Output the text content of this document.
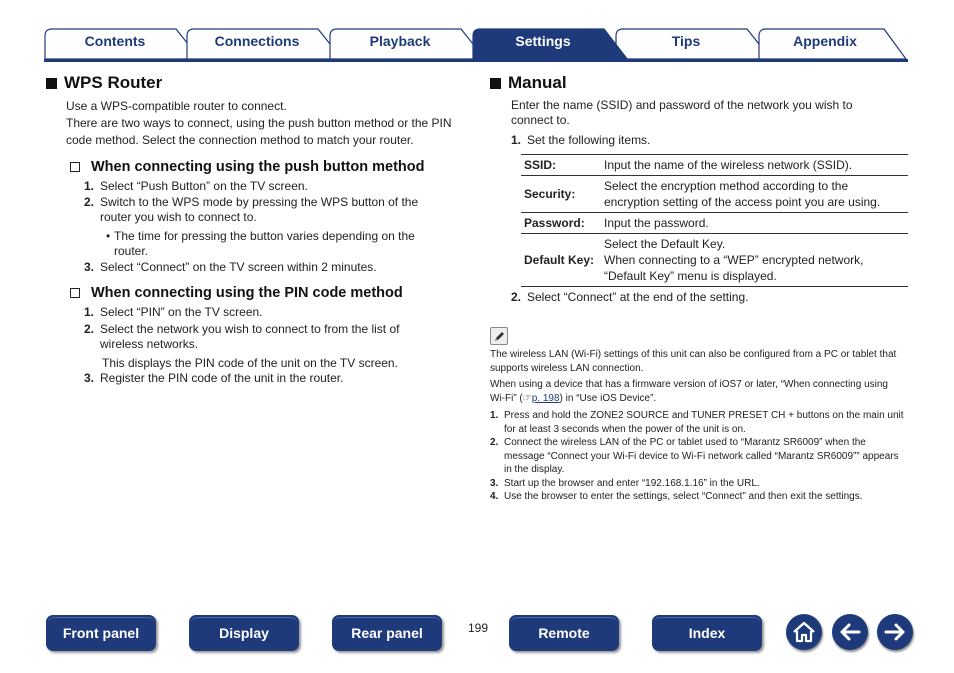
Contents	Connections	Playback	Tips	Appendix
Settings
WPS Router

Use a WPS-compatible router to connect.

There are two ways to connect, using the push button method or the PIN code method. Select the connection method to match your router.

When connecting using the push button method
1. Select “Push Button” on the TV screen.
2. Switch to the WPS mode by pressing the WPS button of the router you wish to connect to.
• The time for pressing the button varies depending on the router.
3. Select “Connect” on the TV screen within 2 minutes.
When connecting using the PIN code method
1. Select “PIN” on the TV screen.
2. Select the network you wish to connect to from the list of wireless networks.
This displays the PIN code of the unit on the TV screen.
3. Register the PIN code of the unit in the router.
Manual

Enter the name (SSID) and password of the network you wish to connect to.

1. Set the following items.
SSID:	Input the name of the wireless network (SSID).
Security:	Select the encryption method according to the encryption setting of the access point you are using.
Password:	Input the password.
Default Key:	Select the Default Key.
When connecting to a “WEP” encrypted network, “Default Key” menu is displayed.
2. Select “Connect” at the end of the setting.
The wireless LAN (Wi-Fi) settings of this unit can also be configured from a PC or tablet that supports wireless LAN connection.
When using a device that has a firmware version of iOS7 or later, “When connecting using Wi-Fi” (☞p. 198) in “Use iOS Device”.
1. Press and hold the ZONE2 SOURCE and TUNER PRESET CH + buttons on the main unit for at least 3 seconds when the power of the unit is on.
2. Connect the wireless LAN of the PC or tablet used to “Marantz SR6009” when the message “Connect your Wi-Fi device to Wi-Fi network called “Marantz SR6009”” appears in the display.
3. Start up the browser and enter “192.168.1.16” in the URL.
4. Use the browser to enter the settings, select “Connect” and then exit the settings.
Front panel	Display	Rear panel	199	Remote	Index
